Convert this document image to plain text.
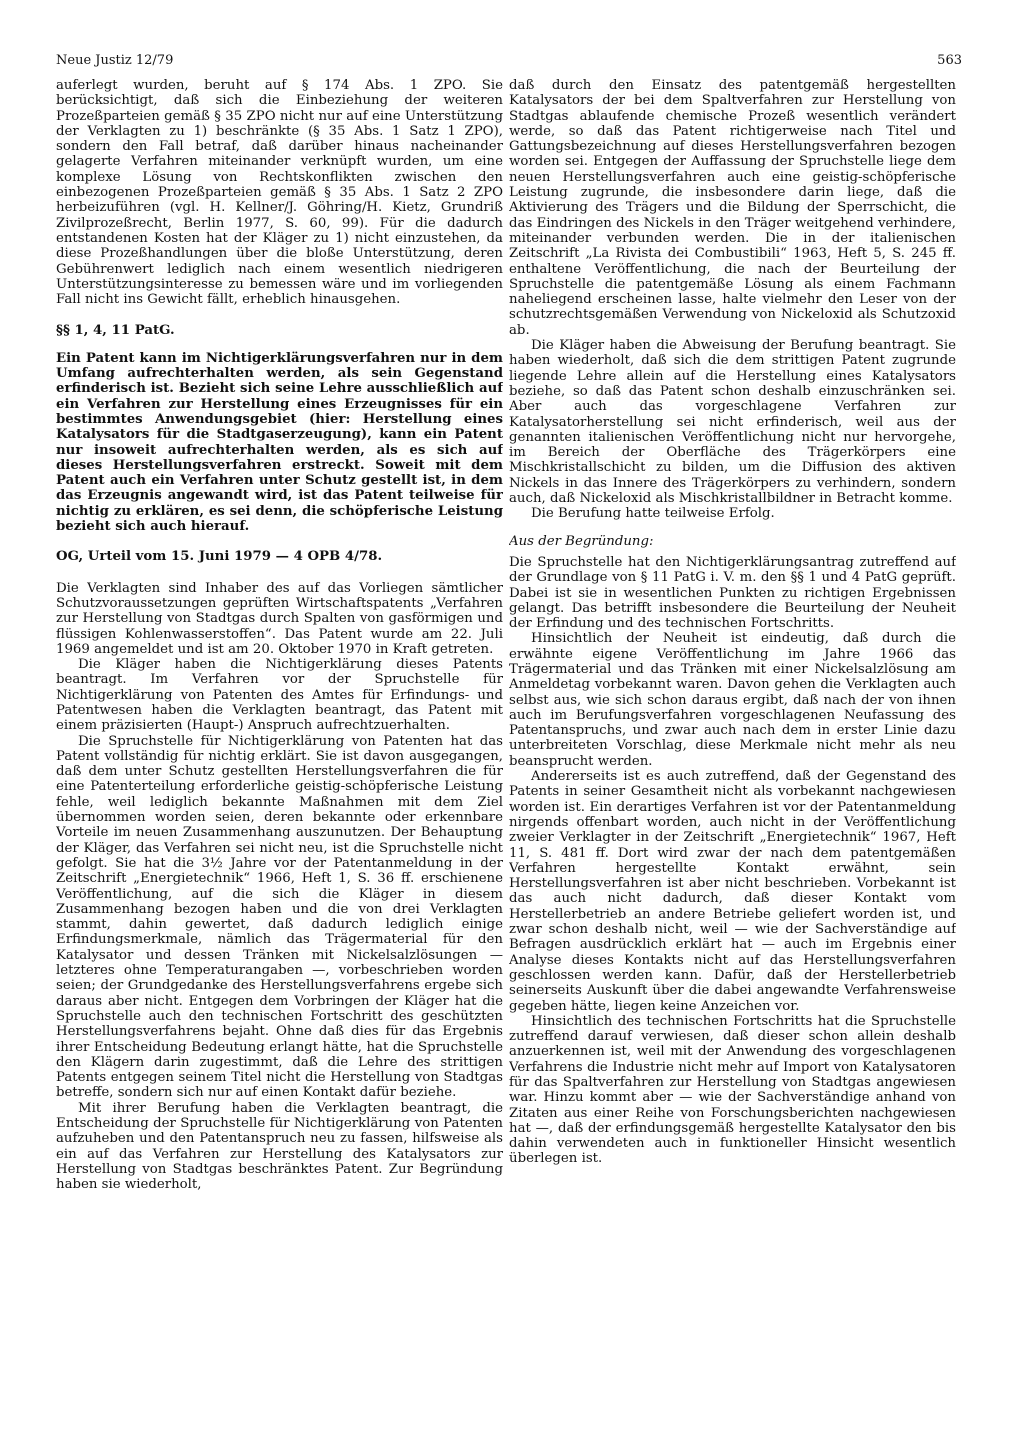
Neue Justiz 12/79	563

auferlegt wurden, beruht auf § 174 Abs. 1 ZPO. Sie berücksichtigt, daß sich die Einbeziehung der weiteren Prozeßparteien gemäß § 35 ZPO nicht nur auf eine Unterstützung der Verklagten zu 1) beschränkte (§ 35 Abs. 1 Satz 1 ZPO), sondern den Fall betraf, daß darüber hinaus nacheinander gelagerte Verfahren miteinander verknüpft wurden, um eine komplexe Lösung von Rechtskonflikten zwischen den einbezogenen Prozeßparteien gemäß § 35 Abs. 1 Satz 2 ZPO herbeizuführen (vgl. H. Kellner/J. Göhring/H. Kietz, Grundriß Zivilprozeßrecht, Berlin 1977, S. 60, 99). Für die dadurch entstandenen Kosten hat der Kläger zu 1) nicht einzustehen, da diese Prozeßhandlungen über die bloße Unterstützung, deren Gebührenwert lediglich nach einem wesentlich niedrigeren Unterstützungsinteresse zu bemessen wäre und im vorliegenden Fall nicht ins Gewicht fällt, erheblich hinausgehen.

§§ 1, 4, 11 PatG.

Ein Patent kann im Nichtigerklärungsverfahren nur in dem Umfang aufrechterhalten werden, als sein Gegenstand erfinderisch ist. Bezieht sich seine Lehre ausschließlich auf ein Verfahren zur Herstellung eines Erzeugnisses für ein bestimmtes Anwendungsgebiet (hier: Herstellung eines Katalysators für die Stadtgaserzeugung), kann ein Patent nur insoweit aufrechterhalten werden, als es sich auf dieses Herstellungsverfahren erstreckt. Soweit mit dem Patent auch ein Verfahren unter Schutz gestellt ist, in dem das Erzeugnis angewandt wird, ist das Patent teilweise für nichtig zu erklären, es sei denn, die schöpferische Leistung bezieht sich auch hierauf.

OG, Urteil vom 15. Juni 1979 — 4 OPB 4/78.

Die Verklagten sind Inhaber des auf das Vorliegen sämtlicher Schutzvoraussetzungen geprüften Wirtschaftspatents „Verfahren zur Herstellung von Stadtgas durch Spalten von gasförmigen und flüssigen Kohlenwasserstoffen“. Das Patent wurde am 22. Juli 1969 angemeldet und ist am 20. Oktober 1970 in Kraft getreten.

Die Kläger haben die Nichtigerklärung dieses Patents beantragt. Im Verfahren vor der Spruchstelle für Nichtigerklärung von Patenten des Amtes für Erfindungs- und Patentwesen haben die Verklagten beantragt, das Patent mit einem präzisierten (Haupt-) Anspruch aufrechtzuerhalten.

Die Spruchstelle für Nichtigerklärung von Patenten hat das Patent vollständig für nichtig erklärt. Sie ist davon ausgegangen, daß dem unter Schutz gestellten Herstellungsverfahren die für eine Patenterteilung erforderliche geistig-schöpferische Leistung fehle, weil lediglich bekannte Maßnahmen mit dem Ziel übernommen worden seien, deren bekannte oder erkennbare Vorteile im neuen Zusammenhang auszunutzen. Der Behauptung der Kläger, das Verfahren sei nicht neu, ist die Spruchstelle nicht gefolgt. Sie hat die 3½ Jahre vor der Patentanmeldung in der Zeitschrift „Energietechnik“ 1966, Heft 1, S. 36 ff. erschienene Veröffentlichung, auf die sich die Kläger in diesem Zusammenhang bezogen haben und die von drei Verklagten stammt, dahin gewertet, daß dadurch lediglich einige Erfindungsmerkmale, nämlich das Trägermaterial für den Katalysator und dessen Tränken mit Nickelsalzlösungen — letzteres ohne Temperaturangaben —, vorbeschrieben worden seien; der Grundgedanke des Herstellungsverfahrens ergebe sich daraus aber nicht. Entgegen dem Vorbringen der Kläger hat die Spruchstelle auch den technischen Fortschritt des geschützten Herstellungsverfahrens bejaht. Ohne daß dies für das Ergebnis ihrer Entscheidung Bedeutung erlangt hätte, hat die Spruchstelle den Klägern darin zugestimmt, daß die Lehre des strittigen Patents entgegen seinem Titel nicht die Herstellung von Stadtgas betreffe, sondern sich nur auf einen Kontakt dafür beziehe.

Mit ihrer Berufung haben die Verklagten beantragt, die Entscheidung der Spruchstelle für Nichtigerklärung von Patenten aufzuheben und den Patentanspruch neu zu fassen, hilfsweise als ein auf das Verfahren zur Herstellung des Katalysators zur Herstellung von Stadtgas beschränktes Patent. Zur Begründung haben sie wiederholt,

daß durch den Einsatz des patentgemäß hergestellten Katalysators der bei dem Spaltverfahren zur Herstellung von Stadtgas ablaufende chemische Prozeß wesentlich verändert werde, so daß das Patent richtigerweise nach Titel und Gattungsbezeichnung auf dieses Herstellungsverfahren bezogen worden sei. Entgegen der Auffassung der Spruchstelle liege dem neuen Herstellungsverfahren auch eine geistig-schöpferische Leistung zugrunde, die insbesondere darin liege, daß die Aktivierung des Trägers und die Bildung der Sperrschicht, die das Eindringen des Nickels in den Träger weitgehend verhindere, miteinander verbunden werden. Die in der italienischen Zeitschrift „La Rivista dei Combustibili“ 1963, Heft 5, S. 245 ff. enthaltene Veröffentlichung, die nach der Beurteilung der Spruchstelle die patentgemäße Lösung als einem Fachmann naheliegend erscheinen lasse, halte vielmehr den Leser von der schutzrechtsgemäßen Verwendung von Nickeloxid als Schutzoxid ab.

Die Kläger haben die Abweisung der Berufung beantragt. Sie haben wiederholt, daß sich die dem strittigen Patent zugrunde liegende Lehre allein auf die Herstellung eines Katalysators beziehe, so daß das Patent schon deshalb einzuschränken sei. Aber auch das vorgeschlagene Verfahren zur Katalysatorherstellung sei nicht erfinderisch, weil aus der genannten italienischen Veröffentlichung nicht nur hervorgehe, im Bereich der Oberfläche des Trägerkörpers eine Mischkristallschicht zu bilden, um die Diffusion des aktiven Nickels in das Innere des Trägerkörpers zu verhindern, sondern auch, daß Nickeloxid als Mischkristallbildner in Betracht komme.

Die Berufung hatte teilweise Erfolg.

Aus der Begründung:

Die Spruchstelle hat den Nichtigerklärungsantrag zutreffend auf der Grundlage von § 11 PatG i. V. m. den §§ 1 und 4 PatG geprüft. Dabei ist sie in wesentlichen Punkten zu richtigen Ergebnissen gelangt. Das betrifft insbesondere die Beurteilung der Neuheit der Erfindung und des technischen Fortschritts.

Hinsichtlich der Neuheit ist eindeutig, daß durch die erwähnte eigene Veröffentlichung im Jahre 1966 das Trägermaterial und das Tränken mit einer Nickelsalzlösung am Anmeldetag vorbekannt waren. Davon gehen die Verklagten auch selbst aus, wie sich schon daraus ergibt, daß nach der von ihnen auch im Berufungsverfahren vorgeschlagenen Neufassung des Patentanspruchs, und zwar auch nach dem in erster Linie dazu unterbreiteten Vorschlag, diese Merkmale nicht mehr als neu beansprucht werden.

Andererseits ist es auch zutreffend, daß der Gegenstand des Patents in seiner Gesamtheit nicht als vorbekannt nachgewiesen worden ist. Ein derartiges Verfahren ist vor der Patentanmeldung nirgends offenbart worden, auch nicht in der Veröffentlichung zweier Verklagter in der Zeitschrift „Energietechnik“ 1967, Heft 11, S. 481 ff. Dort wird zwar der nach dem patentgemäßen Verfahren hergestellte Kontakt erwähnt, sein Herstellungsverfahren ist aber nicht beschrieben. Vorbekannt ist das auch nicht dadurch, daß dieser Kontakt vom Herstellerbetrieb an andere Betriebe geliefert worden ist, und zwar schon deshalb nicht, weil — wie der Sachverständige auf Befragen ausdrücklich erklärt hat — auch im Ergebnis einer Analyse dieses Kontakts nicht auf das Herstellungsverfahren geschlossen werden kann. Dafür, daß der Herstellerbetrieb seinerseits Auskunft über die dabei angewandte Verfahrensweise gegeben hätte, liegen keine Anzeichen vor.

Hinsichtlich des technischen Fortschritts hat die Spruchstelle zutreffend darauf verwiesen, daß dieser schon allein deshalb anzuerkennen ist, weil mit der Anwendung des vorgeschlagenen Verfahrens die Industrie nicht mehr auf Import von Katalysatoren für das Spaltverfahren zur Herstellung von Stadtgas angewiesen war. Hinzu kommt aber — wie der Sachverständige anhand von Zitaten aus einer Reihe von Forschungsberichten nachgewiesen hat —, daß der erfindungsgemäß hergestellte Katalysator den bis dahin verwendeten auch in funktioneller Hinsicht wesentlich überlegen ist.
